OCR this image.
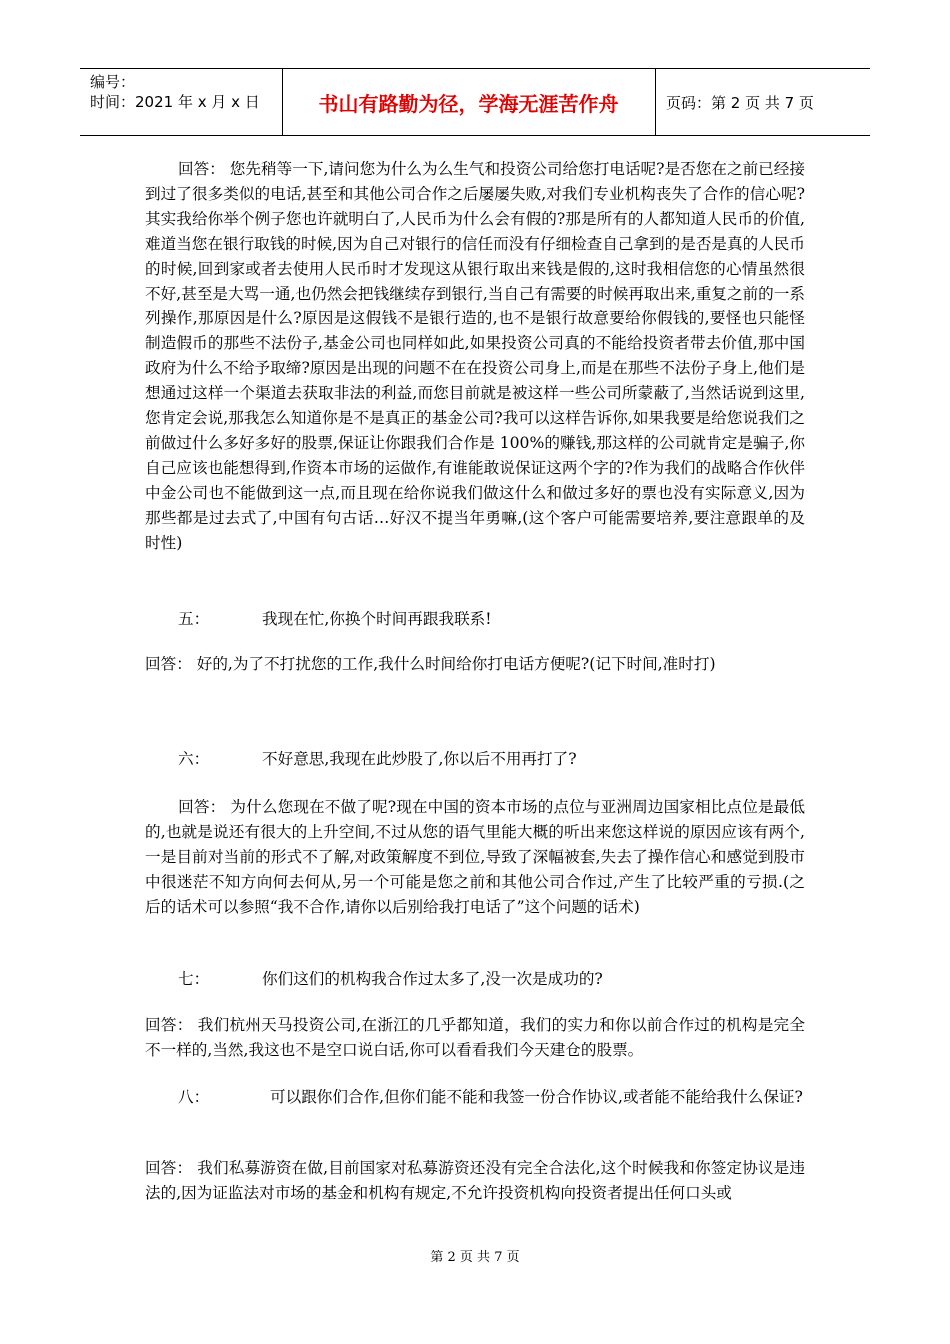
编号：
时间：2021 年 x 月 x 日	书山有路勤为径，学海无涯苦作舟	页码：第 2 页 共 7 页
回答： 您先稍等一下,请问您为什么为么生气和投资公司给您打电话呢?是否您在之前已经接到过了很多类似的电话,甚至和其他公司合作之后屡屡失败,对我们专业机构丧失了合作的信心呢?其实我给你举个例子您也许就明白了,人民币为什么会有假的?那是所有的人都知道人民币的价值,难道当您在银行取钱的时候,因为自己对银行的信任而没有仔细检查自己拿到的是否是真的人民币的时候,回到家或者去使用人民币时才发现这从银行取出来钱是假的,这时我相信您的心情虽然很不好,甚至是大骂一通,也仍然会把钱继续存到银行,当自己有需要的时候再取出来,重复之前的一系列操作,那原因是什么?原因是这假钱不是银行造的,也不是银行故意要给你假钱的,要怪也只能怪制造假币的那些不法份子,基金公司也同样如此,如果投资公司真的不能给投资者带去价值,那中国政府为什么不给予取缔?原因是出现的问题不在在投资公司身上,而是在那些不法份子身上,他们是想通过这样一个渠道去获取非法的利益,而您目前就是被这样一些公司所蒙蔽了,当然话说到这里,您肯定会说,那我怎么知道你是不是真正的基金公司?我可以这样告诉你,如果我要是给您说我们之前做过什么多好多好的股票,保证让你跟我们合作是 100%的赚钱,那这样的公司就肯定是骗子,你自己应该也能想得到,作资本市场的运做作,有谁能敢说保证这两个字的?作为我们的战略合作伙伴中金公司也不能做到这一点,而且现在给你说我们做这什么和做过多好的票也没有实际意义,因为那些都是过去式了,中国有句古话…好汉不提当年勇嘛,(这个客户可能需要培养,要注意跟单的及时性)
五：	我现在忙,你换个时间再跟我联系!
回答： 好的,为了不打扰您的工作,我什么时间给你打电话方便呢?(记下时间,准时打)
六：	不好意思,我现在此炒股了,你以后不用再打了?
回答： 为什么您现在不做了呢?现在中国的资本市场的点位与亚洲周边国家相比点位是最低的,也就是说还有很大的上升空间,不过从您的语气里能大概的听出来您这样说的原因应该有两个,一是目前对当前的形式不了解,对政策解度不到位,导致了深幅被套,失去了操作信心和感觉到股市中很迷茫不知方向何去何从,另一个可能是您之前和其他公司合作过,产生了比较严重的亏损.(之后的话术可以参照“我不合作,请你以后别给我打电话了”这个问题的话术)
七：	你们这们的机构我合作过太多了,没一次是成功的?
回答： 我们杭州天马投资公司,在浙江的几乎都知道，我们的实力和你以前合作过的机构是完全不一样的,当然,我这也不是空口说白话,你可以看看我们今天建仓的股票。
八：	可以跟你们合作,但你们能不能和我签一份合作协议,或者能不能给我什么保证?
回答： 我们私募游资在做,目前国家对私募游资还没有完全合法化,这个时候我和你签定协议是违法的,因为证监法对市场的基金和机构有规定,不允许投资机构向投资者提出任何口头或
第 2 页 共 7 页
